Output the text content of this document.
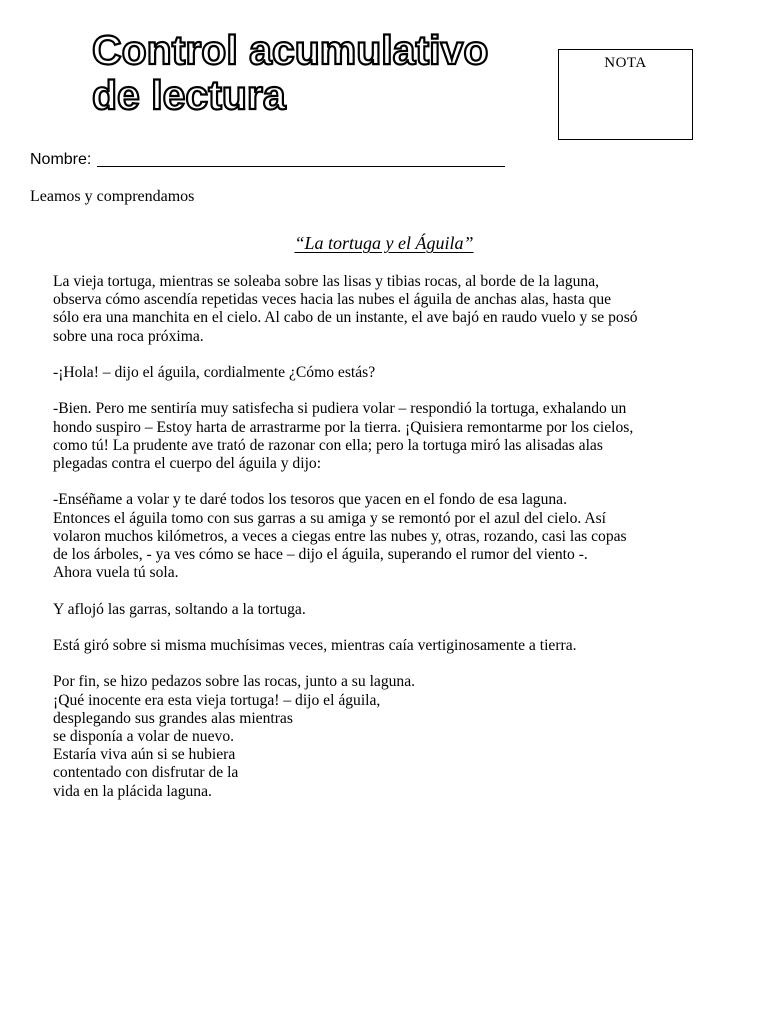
Control acumulativo
de lectura
NOTA
Nombre:
Leamos y comprendamos
“La tortuga y el Águila”

La vieja tortuga, mientras se soleaba sobre las lisas y tibias rocas, al borde de la laguna,
observa cómo ascendía repetidas veces hacia las nubes el águila de anchas alas, hasta que
sólo era una manchita en el cielo. Al cabo de un instante, el ave bajó en raudo vuelo y se posó
sobre una roca próxima.

-¡Hola! – dijo el águila, cordialmente ¿Cómo estás?

-Bien. Pero me sentiría muy satisfecha si pudiera volar – respondió la tortuga, exhalando un
hondo suspiro – Estoy harta de arrastrarme por la tierra. ¡Quisiera remontarme por los cielos,
como tú! La prudente ave trató de razonar con ella; pero la tortuga miró las alisadas alas
plegadas contra el cuerpo del águila y dijo:

-Enséñame a volar y te daré todos los tesoros que yacen en el fondo de esa laguna.
Entonces el águila tomo con sus garras a su amiga y se remontó por el azul del cielo. Así
volaron muchos kilómetros, a veces a ciegas entre las nubes y, otras, rozando, casi las copas
de los árboles, - ya ves cómo se hace – dijo el águila, superando el rumor del viento -.
Ahora vuela tú sola.

Y aflojó las garras, soltando a la tortuga.

Está giró sobre si misma muchísimas veces, mientras caía vertiginosamente a tierra.

Por fin, se hizo pedazos sobre las rocas, junto a su laguna.
¡Qué inocente era esta vieja tortuga! – dijo el águila,
desplegando sus grandes alas mientras
se disponía a volar de nuevo.
Estaría viva aún si se hubiera
contentado con disfrutar de la
vida en la plácida laguna.
